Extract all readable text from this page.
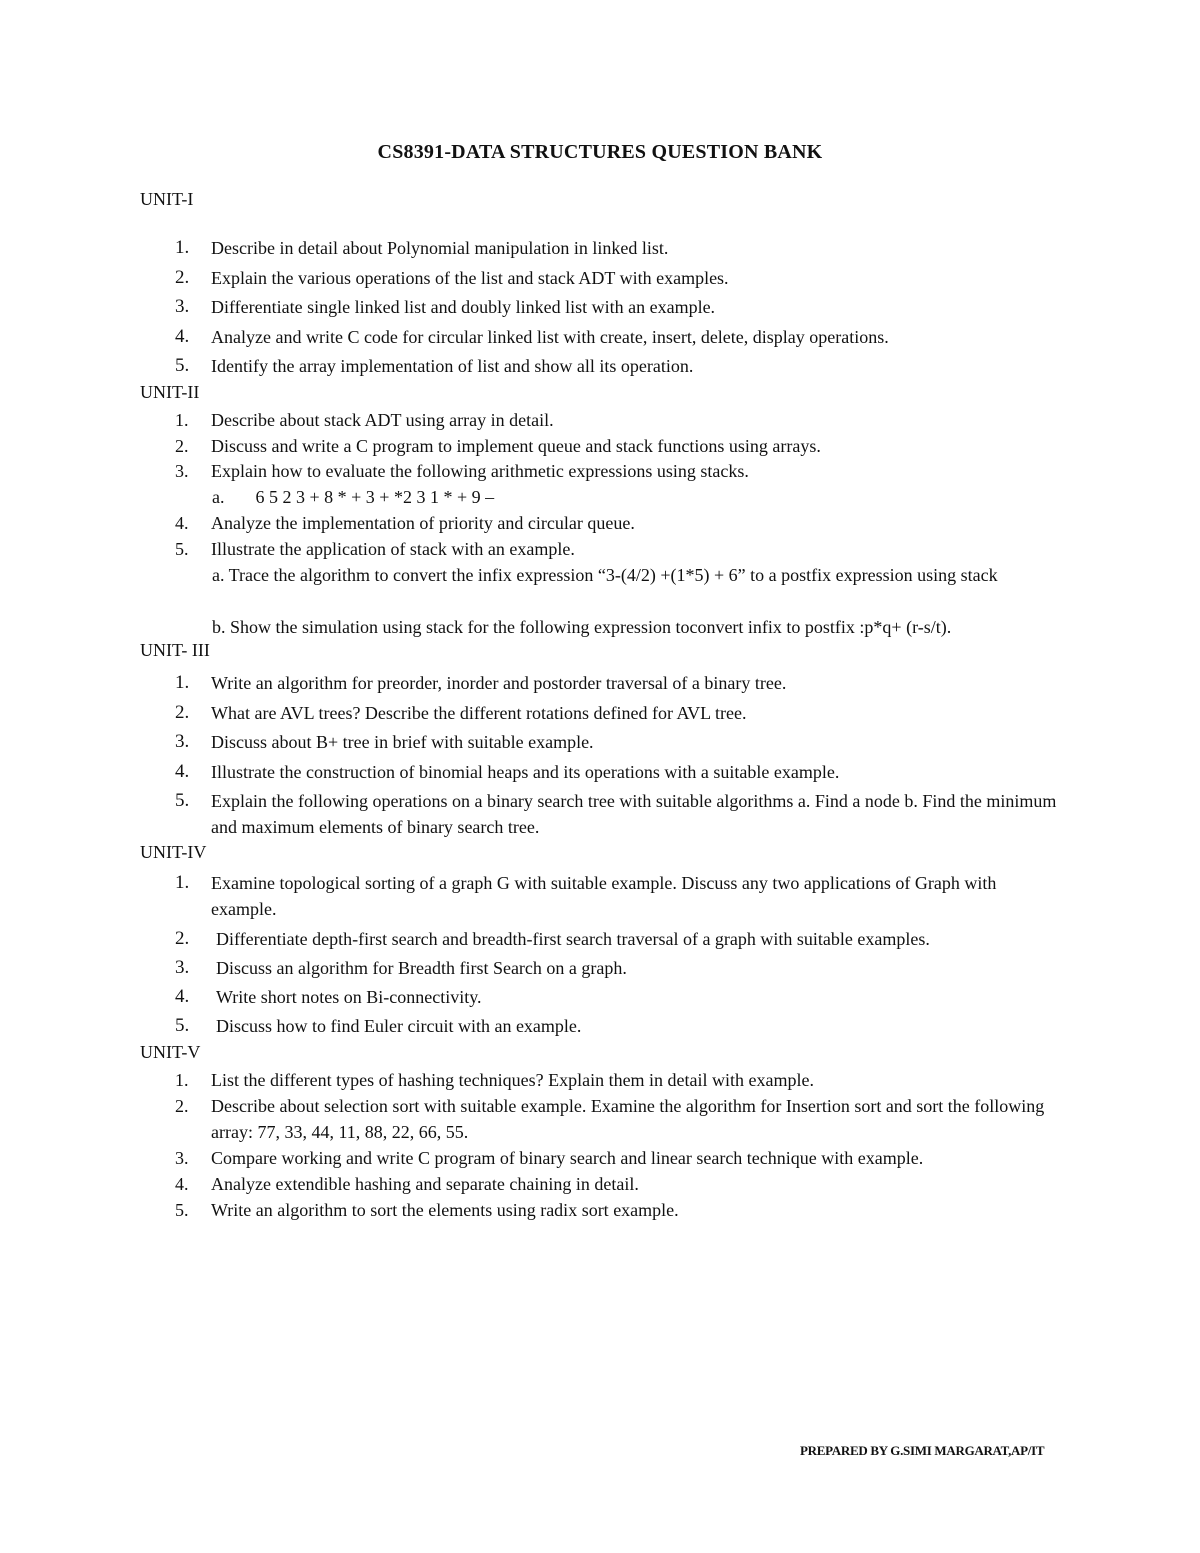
CS8391-DATA STRUCTURES QUESTION BANK
UNIT-I
1.	Describe in detail about Polynomial manipulation in linked list.
2.	Explain the various operations of the list and stack ADT with examples.
3.	Differentiate single linked list and doubly linked list with an example.
4.	Analyze and write C code for circular linked list with create, insert, delete, display operations.
5.	Identify the array implementation of list and show all its operation.
UNIT-II
1.	Describe about stack ADT using array in detail.
2.	Discuss and write a C program to implement queue and stack functions using arrays.
3.	Explain how to evaluate the following arithmetic expressions using stacks.
a. 6 5 2 3 + 8 * + 3 + *2 3 1 * + 9 –
4.	Analyze the implementation of priority and circular queue.
5.	Illustrate the application of stack with an example.
a. Trace the algorithm to convert the infix expression “3-(4/2) +(1*5) + 6” to a postfix expression using stack
b. Show the simulation using stack for the following expression toconvert infix to postfix :p*q+ (r-s/t).
UNIT- III
1.	Write an algorithm for preorder, inorder and postorder traversal of a binary tree.
2.	What are AVL trees? Describe the different rotations defined for AVL tree.
3.	Discuss about B+ tree in brief with suitable example.
4.	Illustrate the construction of binomial heaps and its operations with a suitable example.
5.	Explain the following operations on a binary search tree with suitable algorithms a. Find a node b. Find the minimum and maximum elements of binary search tree.
UNIT-IV
1.	Examine topological sorting of a graph G with suitable example. Discuss any two applications of Graph with example.
2.	Differentiate depth-first search and breadth-first search traversal of a graph with suitable examples.
3.	Discuss an algorithm for Breadth first Search on a graph.
4.	Write short notes on Bi-connectivity.
5.	Discuss how to find Euler circuit with an example.
UNIT-V
1.	List the different types of hashing techniques? Explain them in detail with example.
2.	Describe about selection sort with suitable example. Examine the algorithm for Insertion sort and sort the following array: 77, 33, 44, 11, 88, 22, 66, 55.
3.	Compare working and write C program of binary search and linear search technique with example.
4.	Analyze extendible hashing and separate chaining in detail.
5.	Write an algorithm to sort the elements using radix sort example.
PREPARED BY G.SIMI MARGARAT,AP/IT
